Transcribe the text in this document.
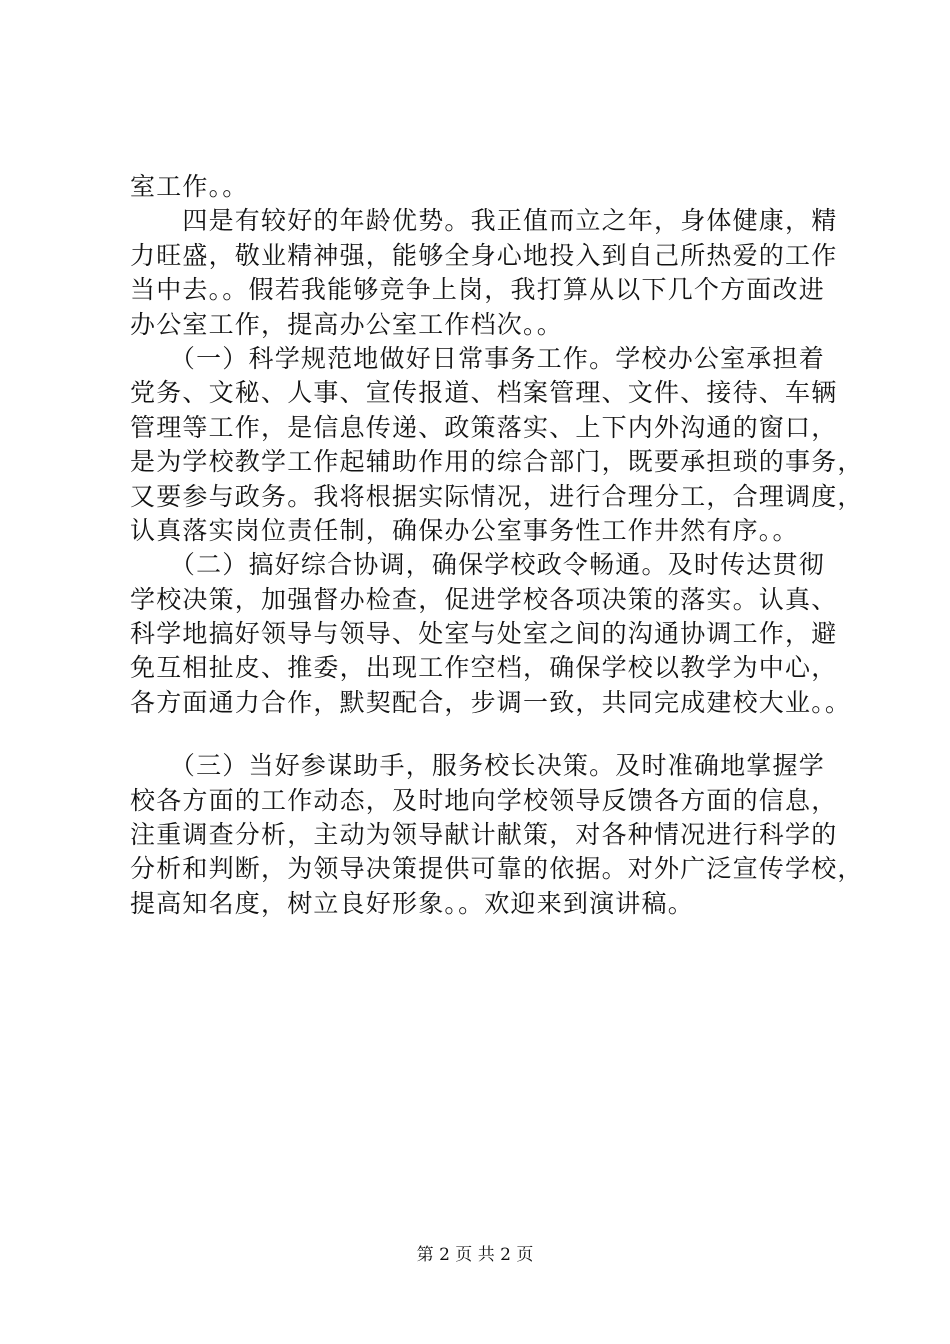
室工作。。
　　四是有较好的年龄优势。我正值而立之年，身体健康，精
力旺盛，敬业精神强，能够全身心地投入到自己所热爱的工作
当中去。。假若我能够竞争上岗，我打算从以下几个方面改进
办公室工作，提高办公室工作档次。。
　　（一）科学规范地做好日常事务工作。学校办公室承担着
党务、文秘、人事、宣传报道、档案管理、文件、接待、车辆
管理等工作，是信息传递、政策落实、上下内外沟通的窗口，
是为学校教学工作起辅助作用的综合部门，既要承担琐的事务，
又要参与政务。我将根据实际情况，进行合理分工，合理调度，
认真落实岗位责任制，确保办公室事务性工作井然有序。。
　　（二）搞好综合协调，确保学校政令畅通。及时传达贯彻
学校决策，加强督办检查，促进学校各项决策的落实。认真、
科学地搞好领导与领导、处室与处室之间的沟通协调工作，避
免互相扯皮、推委，出现工作空档，确保学校以教学为中心，
各方面通力合作，默契配合，步调一致，共同完成建校大业。。
　　（三）当好参谋助手，服务校长决策。及时准确地掌握学
校各方面的工作动态，及时地向学校领导反馈各方面的信息，
注重调查分析，主动为领导献计献策，对各种情况进行科学的
分析和判断，为领导决策提供可靠的依据。对外广泛宣传学校，
提高知名度，树立良好形象。。欢迎来到演讲稿。
第 2 页 共 2 页
